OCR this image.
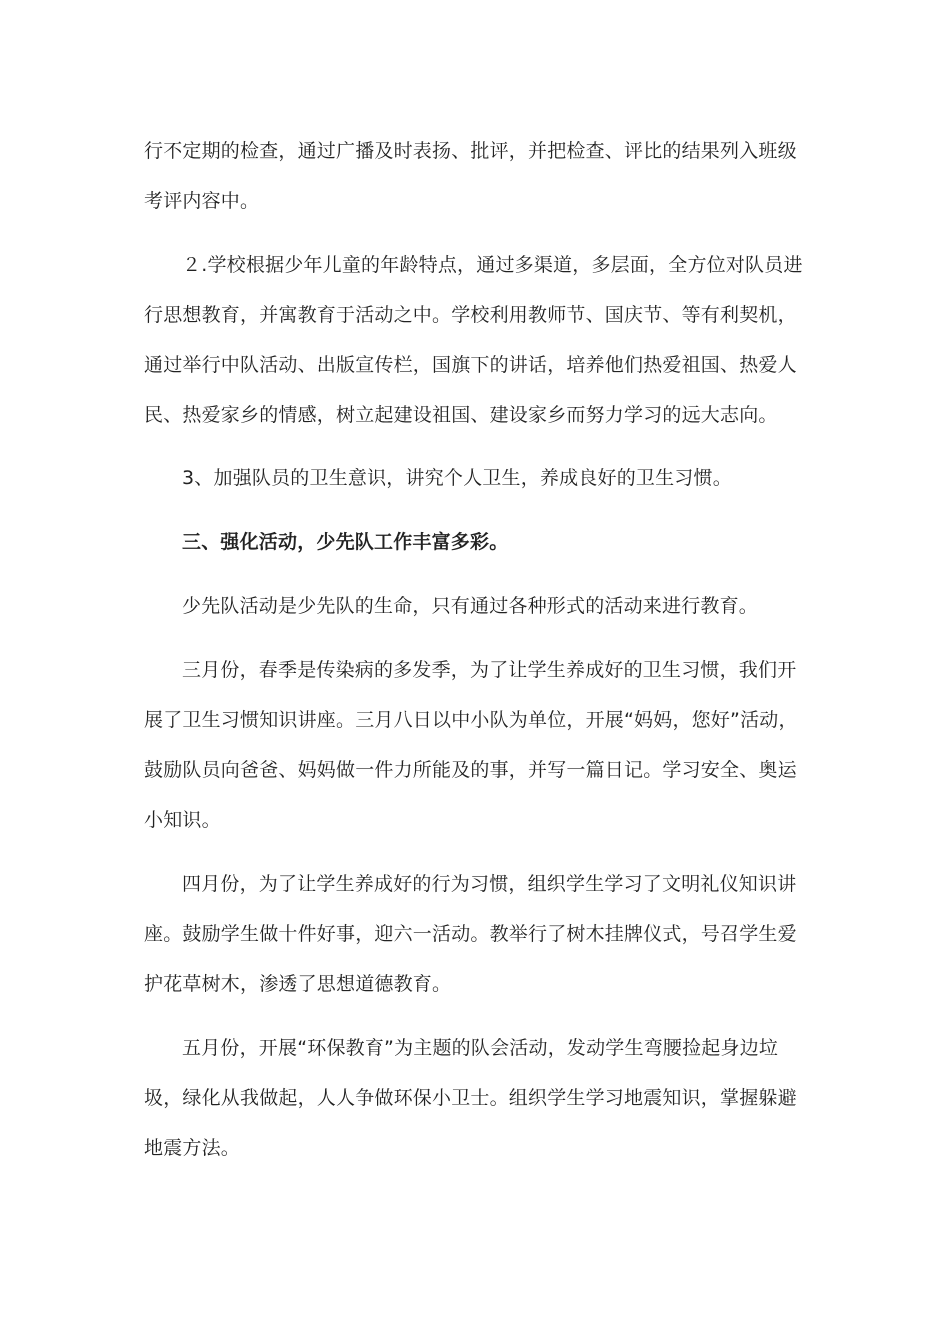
行不定期的检查，通过广播及时表扬、批评，并把检查、评比的结果列入班级
考评内容中。
２.学校根据少年儿童的年龄特点，通过多渠道，多层面，全方位对队员进
行思想教育，并寓教育于活动之中。学校利用教师节、国庆节、等有利契机，
通过举行中队活动、出版宣传栏，国旗下的讲话，培养他们热爱祖国、热爱人
民、热爱家乡的情感，树立起建设祖国、建设家乡而努力学习的远大志向。
3、加强队员的卫生意识，讲究个人卫生，养成良好的卫生习惯。
三、强化活动，少先队工作丰富多彩。
少先队活动是少先队的生命，只有通过各种形式的活动来进行教育。
三月份，春季是传染病的多发季，为了让学生养成好的卫生习惯，我们开
展了卫生习惯知识讲座。三月八日以中小队为单位，开展“妈妈，您好”活动，
鼓励队员向爸爸、妈妈做一件力所能及的事，并写一篇日记。学习安全、奥运
小知识。
四月份，为了让学生养成好的行为习惯，组织学生学习了文明礼仪知识讲
座。鼓励学生做十件好事，迎六一活动。教举行了树木挂牌仪式，号召学生爱
护花草树木，渗透了思想道德教育。
五月份，开展“环保教育”为主题的队会活动，发动学生弯腰捡起身边垃
圾，绿化从我做起，人人争做环保小卫士。组织学生学习地震知识，掌握躲避
地震方法。
